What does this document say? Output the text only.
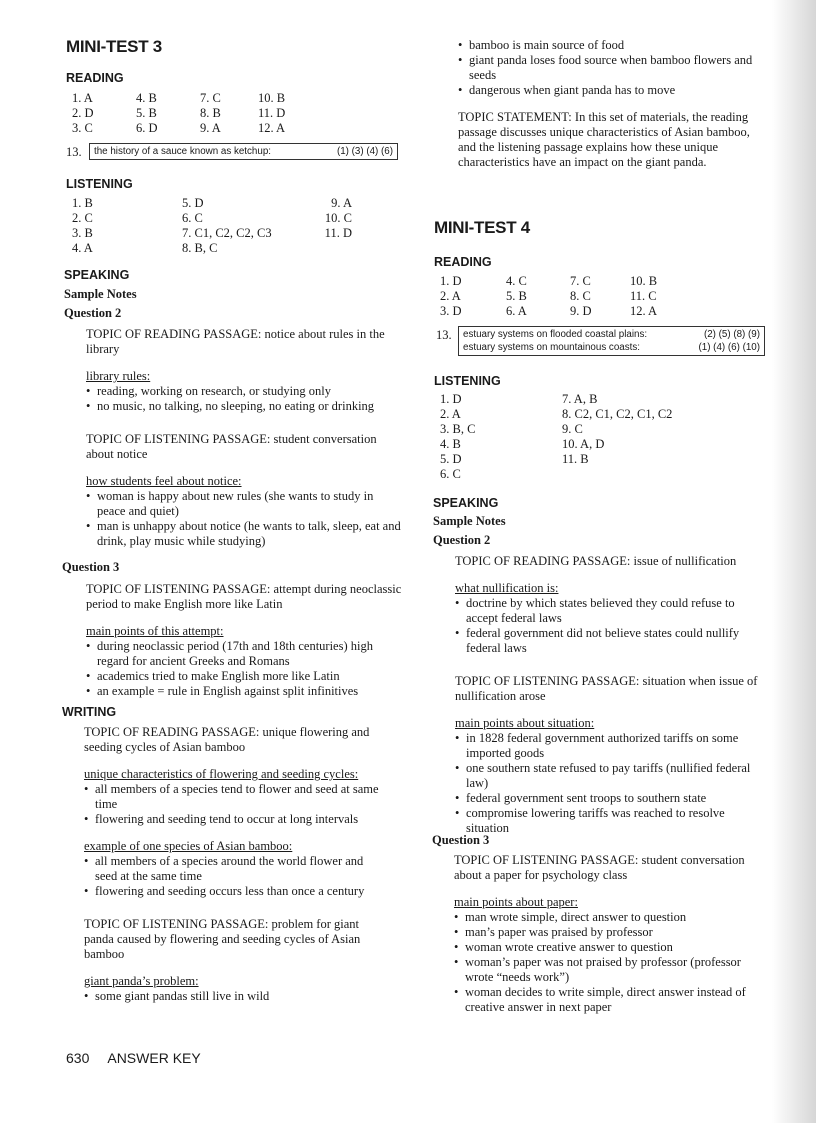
MINI-TEST 3
READING
1. A	4. B	7. C	10. B
2. D	5. B	8. B	11. D
3. C	6. D	9. A	12. A
13. the history of a sauce known as ketchup:	(1) (3) (4) (6)
LISTENING
1. B	5. D	9. A
2. C	6. C	10. C
3. B	7. C1, C2, C2, C3	11. D
4. A	8. B, C
SPEAKING
Sample Notes
Question 2
TOPIC OF READING PASSAGE: notice about rules in the library
library rules:
• reading, working on research, or studying only
• no music, no talking, no sleeping, no eating or drinking
TOPIC OF LISTENING PASSAGE: student conversation about notice
how students feel about notice:
• woman is happy about new rules (she wants to study in peace and quiet)
• man is unhappy about notice (he wants to talk, sleep, eat and drink, play music while studying)
Question 3
TOPIC OF LISTENING PASSAGE: attempt during neoclassic period to make English more like Latin
main points of this attempt:
• during neoclassic period (17th and 18th centuries) high regard for ancient Greeks and Romans
• academics tried to make English more like Latin
• an example = rule in English against split infinitives
WRITING
TOPIC OF READING PASSAGE: unique flowering and seeding cycles of Asian bamboo
unique characteristics of flowering and seeding cycles:
• all members of a species tend to flower and seed at same time
• flowering and seeding tend to occur at long intervals
example of one species of Asian bamboo:
• all members of a species around the world flower and seed at the same time
• flowering and seeding occurs less than once a century
TOPIC OF LISTENING PASSAGE: problem for giant panda caused by flowering and seeding cycles of Asian bamboo
giant panda’s problem:
• some giant pandas still live in wild
630 ANSWER KEY
• bamboo is main source of food
• giant panda loses food source when bamboo flowers and seeds
• dangerous when giant panda has to move
TOPIC STATEMENT: In this set of materials, the reading passage discusses unique characteristics of Asian bamboo, and the listening passage explains how these unique characteristics have an impact on the giant panda.
MINI-TEST 4
READING
1. D	4. C	7. C	10. B
2. A	5. B	8. C	11. C
3. D	6. A	9. D	12. A
13. estuary systems on flooded coastal plains:	(2) (5) (8) (9)
estuary systems on mountainous coasts:	(1) (4) (6) (10)
LISTENING
1. D	7. A, B
2. A	8. C2, C1, C2, C1, C2
3. B, C	9. C
4. B	10. A, D
5. D	11. B
6. C
SPEAKING
Sample Notes
Question 2
TOPIC OF READING PASSAGE: issue of nullification
what nullification is:
• doctrine by which states believed they could refuse to accept federal laws
• federal government did not believe states could nullify federal laws
TOPIC OF LISTENING PASSAGE: situation when issue of nullification arose
main points about situation:
• in 1828 federal government authorized tariffs on some imported goods
• one southern state refused to pay tariffs (nullified federal law)
• federal government sent troops to southern state
• compromise lowering tariffs was reached to resolve situation
Question 3
TOPIC OF LISTENING PASSAGE: student conversation about a paper for psychology class
main points about paper:
• man wrote simple, direct answer to question
• man’s paper was praised by professor
• woman wrote creative answer to question
• woman’s paper was not praised by professor (professor wrote “needs work”)
• woman decides to write simple, direct answer instead of creative answer in next paper
